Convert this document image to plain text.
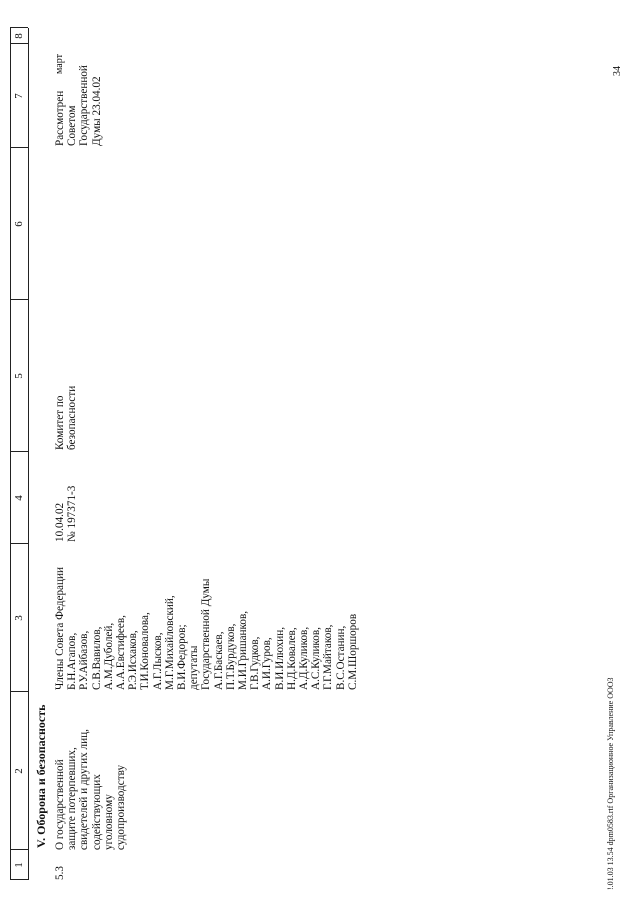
1
2
3
4
5
6
7
8
V. Оборона и безопасность
5.3
О государственной защите потерпевших, свидетелей и других лиц, содействующих уголовному судопроизводству
Члены Совета Федерации Б.Н.Агапов, Р.У.Айбазов, С.В.Вавилов, А.М.Дуболей, А.А.Евстифеев, Р.Э.Исхаков, Т.И.Коновалова, А.Г.Лысков, М.Г.Михайловский, В.И.Федоров; депутаты Государственной Думы А.Г.Баскаев, П.Т.Бурдуков, М.И.Гришанков, Г.В.Гудков, А.И.Гуров, В.И.Илюхин, Н.Д.Ковалев, А.Д.Куликов, А.С.Куликов, Г.Г.Майтаков, В.С.Останин, С.М.Шоршоров
10.04.02 № 197371-3
Комитет по безопасности
Рассмотрен Советом Государственной Думы 23.04.02
март	34
!.01.03 13.54 dpm0583.rtf Организационное Управление ООО3
